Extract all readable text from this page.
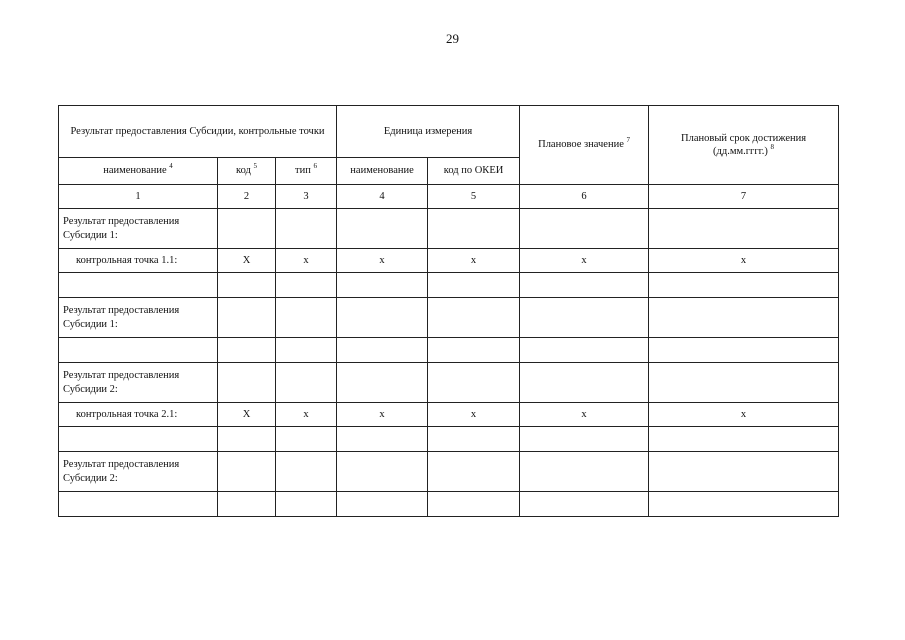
29
Результат предоставления Субсидии, контрольные точки			Единица измерения		Плановое значение $^7$	Плановый срок достижения (дд.мм.гггг.) $^8$
наименование $^4$	код $^5$	тип $^6$	наименование	код по ОКЕИ		
1	2	3	4	5	6	7
Результат предоставления Субсидии 1:						
контрольная точка 1.1:	X	x	x	x	x	x

Результат предоставления Субсидии 1:						

Результат предоставления Субсидии 2:						
контрольная точка 2.1:	X	x	x	x	x	x

Результат предоставления Субсидии 2:						
